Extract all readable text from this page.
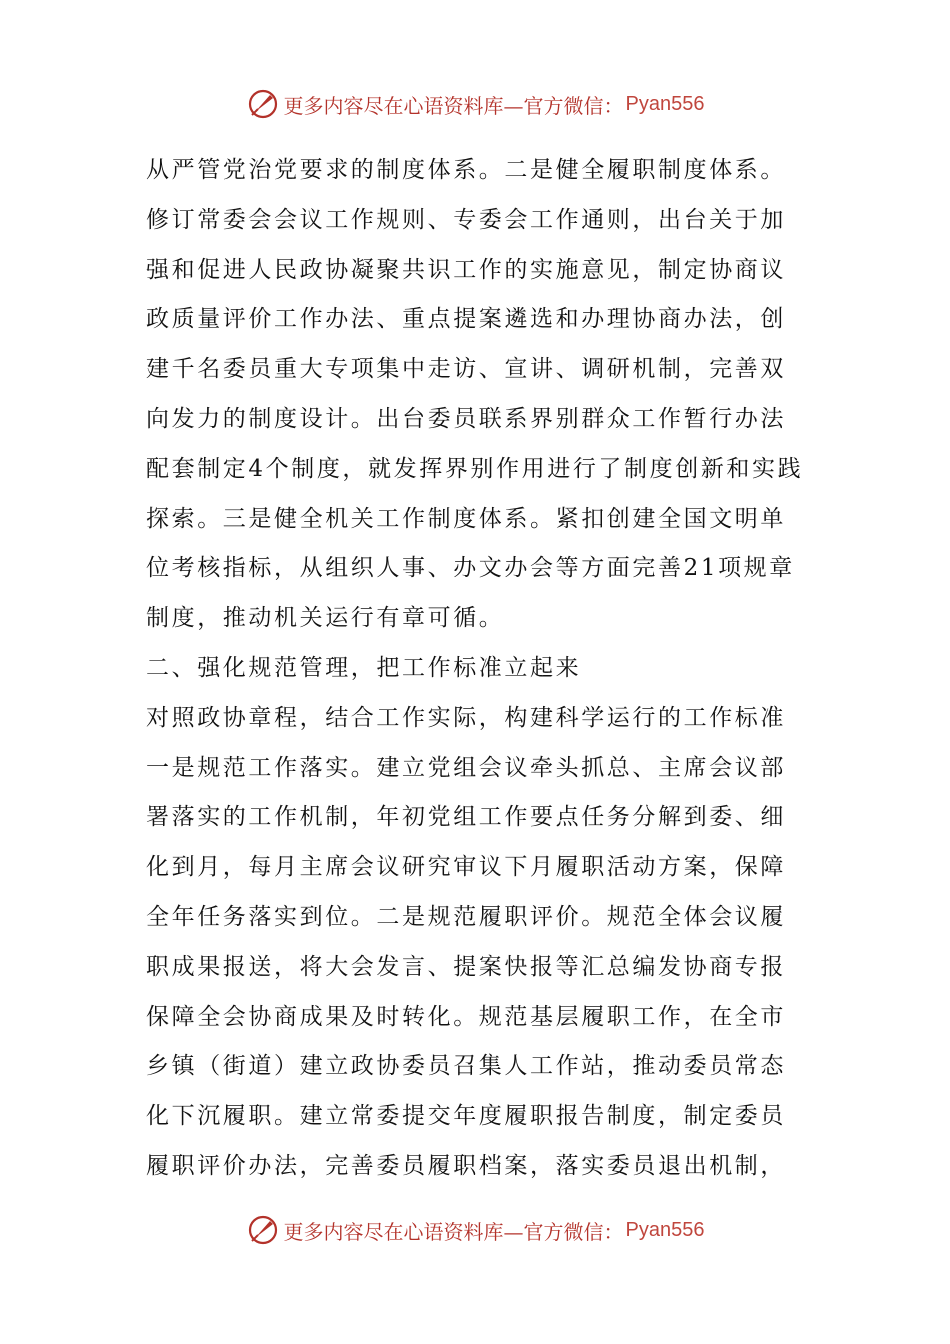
更多内容尽在心语资料库—官方微信： Pyan556
从严管党治党要求的制度体系。二是健全履职制度体系。
修订常委会会议工作规则、专委会工作通则，出台关于加
强和促进人民政协凝聚共识工作的实施意见，制定协商议
政质量评价工作办法、重点提案遴选和办理协商办法，创
建千名委员重大专项集中走访、宣讲、调研机制，完善双
向发力的制度设计。出台委员联系界别群众工作暂行办法
配套制定4个制度，就发挥界别作用进行了制度创新和实践
探索。三是健全机关工作制度体系。紧扣创建全国文明单
位考核指标，从组织人事、办文办会等方面完善21项规章
制度，推动机关运行有章可循。
二、强化规范管理，把工作标准立起来
对照政协章程，结合工作实际，构建科学运行的工作标准
一是规范工作落实。建立党组会议牵头抓总、主席会议部
署落实的工作机制，年初党组工作要点任务分解到委、细
化到月，每月主席会议研究审议下月履职活动方案，保障
全年任务落实到位。二是规范履职评价。规范全体会议履
职成果报送，将大会发言、提案快报等汇总编发协商专报
保障全会协商成果及时转化。规范基层履职工作，在全市
乡镇（街道）建立政协委员召集人工作站，推动委员常态
化下沉履职。建立常委提交年度履职报告制度，制定委员
履职评价办法，完善委员履职档案，落实委员退出机制，
更多内容尽在心语资料库—官方微信： Pyan556
